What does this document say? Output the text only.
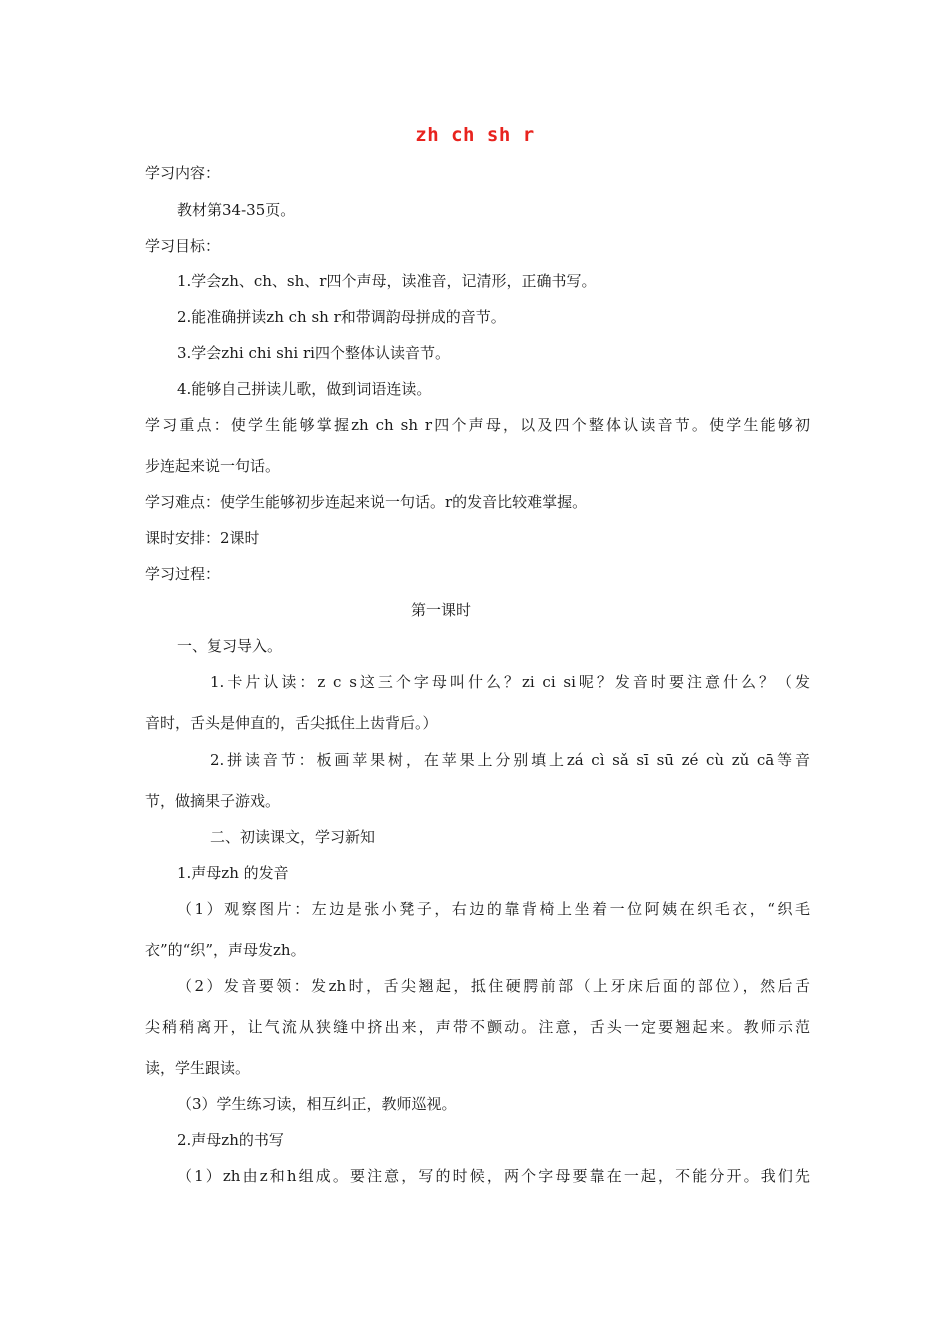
zh ch sh r
学习内容：
教材第34-35页。
学习目标：
1.学会zh、ch、sh、r四个声母，读准音，记清形，正确书写。
2.能准确拼读zh ch sh r和带调韵母拼成的音节。
3.学会zhi chi shi ri四个整体认读音节。
4.能够自己拼读儿歌，做到词语连读。
学习重点：使学生能够掌握zh ch sh r四个声母，以及四个整体认读音节。使学生能够初
步连起来说一句话。
学习难点：使学生能够初步连起来说一句话。r的发音比较难掌握。
课时安排：2课时
学习过程：
第一课时
一、复习导入。
1.卡片认读：z c s这三个字母叫什么？zi ci si呢？发音时要注意什么？（发
音时，舌头是伸直的，舌尖抵住上齿背后。）
2.拼读音节：板画苹果树，在苹果上分别填上zá cì sǎ sī sū zé cù zǔ cā等音
节，做摘果子游戏。
二、初读课文，学习新知
1.声母zh 的发音
（1）观察图片：左边是张小凳子，右边的靠背椅上坐着一位阿姨在织毛衣，“织毛
衣”的“织”，声母发zh。
（2）发音要领：发zh时，舌尖翘起，抵住硬腭前部（上牙床后面的部位），然后舌
尖稍稍离开，让气流从狭缝中挤出来，声带不颤动。注意，舌头一定要翘起来。教师示范
读，学生跟读。
（3）学生练习读，相互纠正，教师巡视。
2.声母zh的书写
（1）zh由z和h组成。要注意，写的时候，两个字母要靠在一起，不能分开。我们先
